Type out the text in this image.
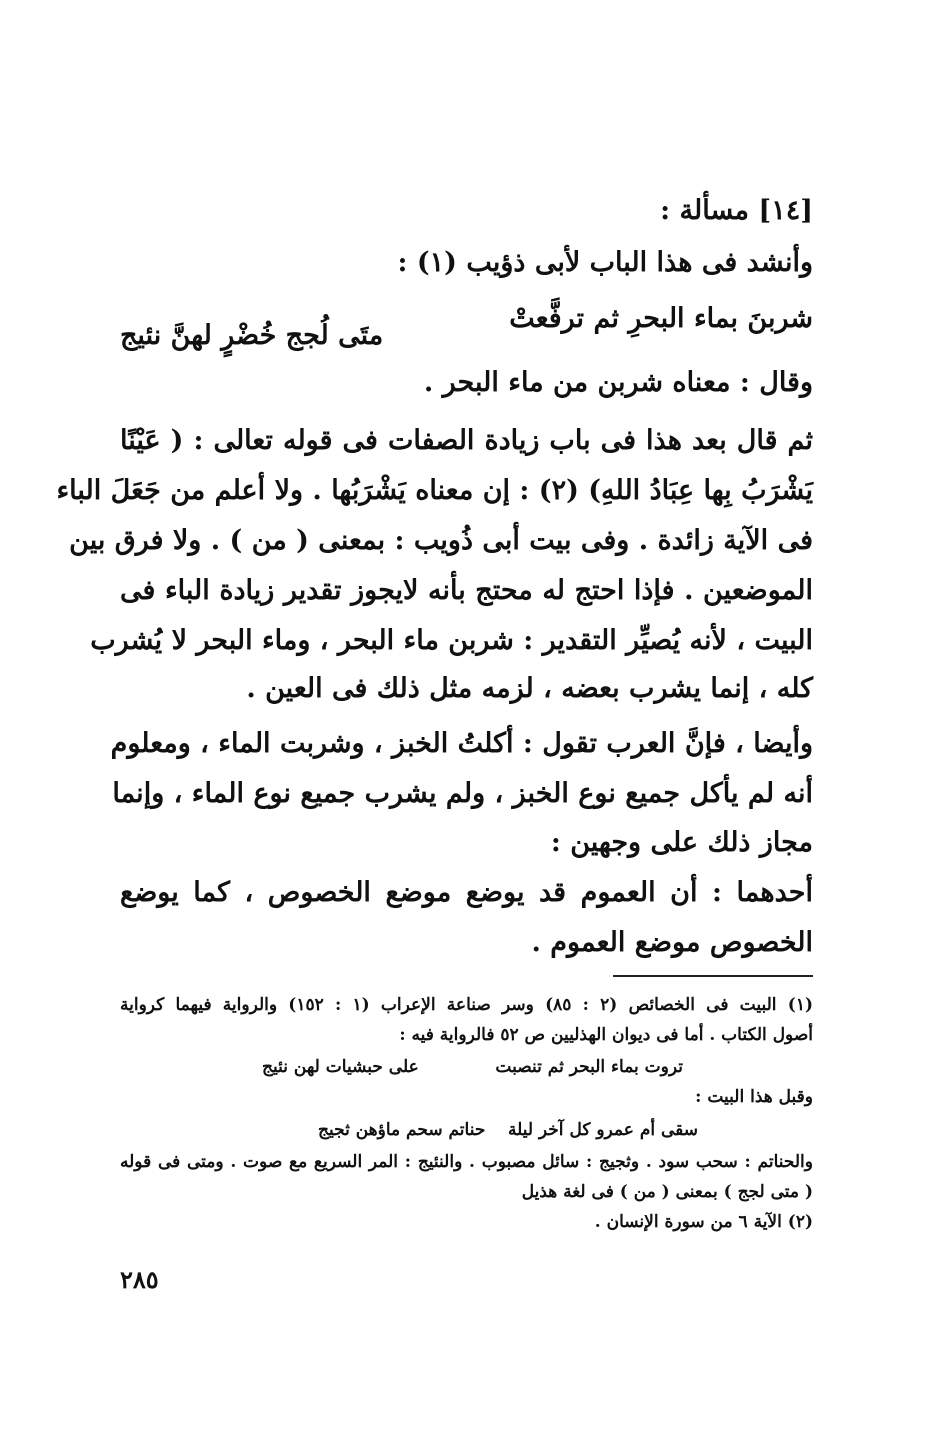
[١٤] مسألة :
وأنشد فى هذا الباب لأبى ذؤيب (١) :
شربنَ بماء البحرِ ثم ترفَّعتْ
متَى لُجج خُضْرٍ لهنَّ نئيج
وقال : معناه شربن من ماء البحر .
ثم قال بعد هذا فى باب زيادة الصفات فى قوله تعالى : ( عَيْنًا
يَشْرَبُ بِها عِبَادُ اللهِ) (٢) : إن معناه يَشْرَبُها . ولا أعلم من جَعَلَ الباء
فى الآية زائدة . وفى بيت أبى ذُويب : بمعنى ( من ) . ولا فرق بين
الموضعين . فإذا احتج له محتج بأنه لايجوز تقدير زيادة الباء فى
البيت ، لأنه يُصيِّر التقدير : شربن ماء البحر ، وماء البحر لا يُشرب
كله ، إنما يشرب بعضه ، لزمه مثل ذلك فى العين .
وأيضا ، فإنَّ العرب تقول : أكلتُ الخبز ، وشربت الماء ، ومعلوم
أنه لم يأكل جميع نوع الخبز ، ولم يشرب جميع نوع الماء ، وإنما
مجاز ذلك على وجهين :
أحدهما : أن العموم قد يوضع موضع الخصوص ، كما يوضع
الخصوص موضع العموم .
(١) البيت فى الخصائص (٢ : ٨٥) وسر صناعة الإعراب (١ : ١٥٢) والرواية فيهما كرواية
أصول الكتاب . أما فى ديوان الهذليين ص ٥٢ فالرواية فيه :
تروت بماء البحر ثم تنصبت
على حبشيات لهن نئيج
وقبل هذا البيت :
سقى أم عمرو كل آخر ليلة
حناتم سحم ماؤهن ثجيج
والحناتم : سحب سود . وثجيج : سائل مصبوب . والنئيج : المر السريع مع صوت . ومتى فى قوله
( متى لجج ) بمعنى ( من ) فى لغة هذيل
(٢) الآية ٦ من سورة الإنسان .
٢٨٥
